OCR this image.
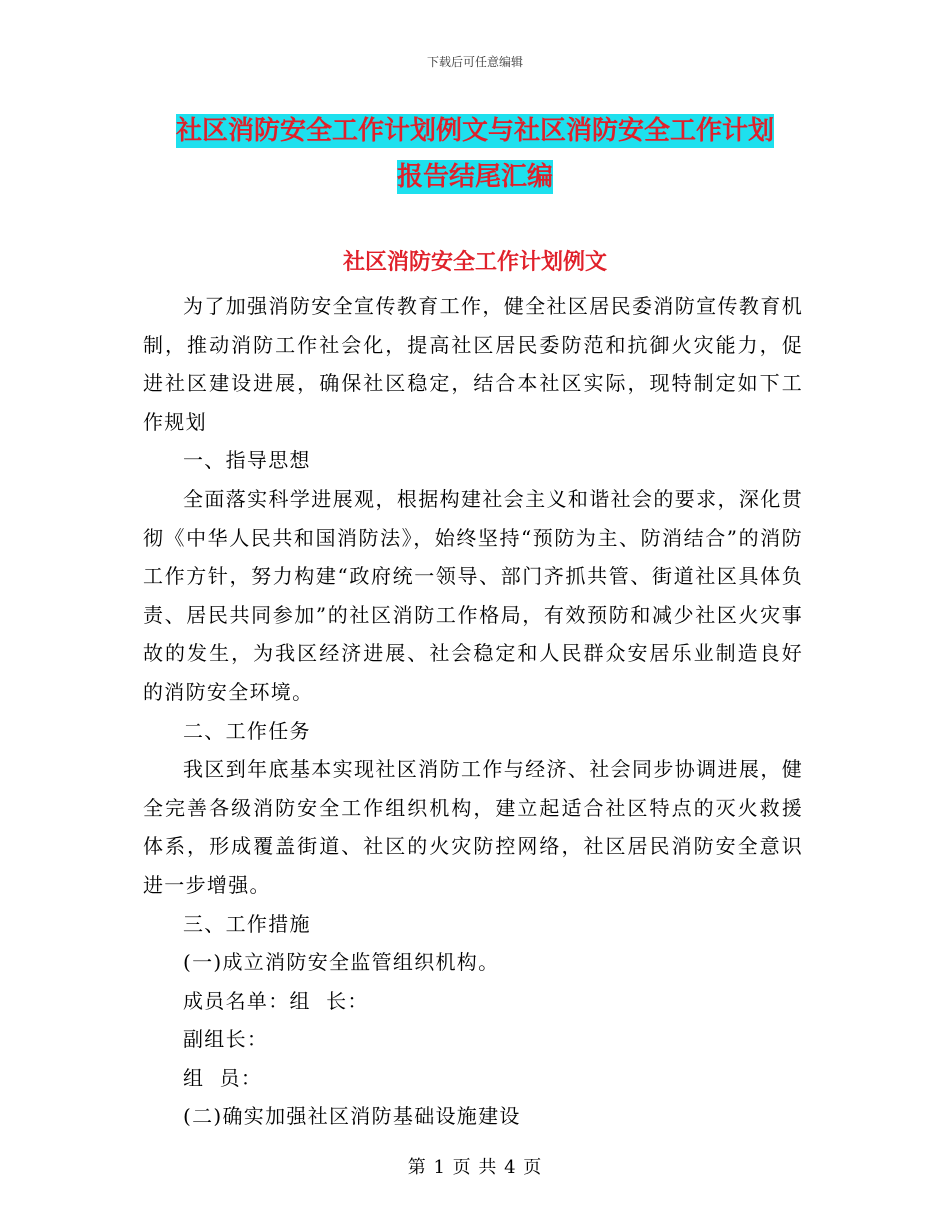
下载后可任意编辑
社区消防安全工作计划例文与社区消防安全工作计划
报告结尾汇编
社区消防安全工作计划例文

为了加强消防安全宣传教育工作，健全社区居民委消防宣传教育机制，推动消防工作社会化，提高社区居民委防范和抗御火灾能力，促进社区建设进展，确保社区稳定，结合本社区实际，现特制定如下工作规划

一、指导思想

全面落实科学进展观，根据构建社会主义和谐社会的要求，深化贯彻《中华人民共和国消防法》，始终坚持“预防为主、防消结合”的消防工作方针，努力构建“政府统一领导、部门齐抓共管、街道社区具体负责、居民共同参加”的社区消防工作格局，有效预防和减少社区火灾事故的发生，为我区经济进展、社会稳定和人民群众安居乐业制造良好的消防安全环境。

二、工作任务

我区到年底基本实现社区消防工作与经济、社会同步协调进展，健全完善各级消防安全工作组织机构，建立起适合社区特点的灭火救援体系，形成覆盖街道、社区的火灾防控网络，社区居民消防安全意识进一步增强。

三、工作措施

(一)成立消防安全监管组织机构。

成员名单：组  长：

副组长：

组  员：

(二)确实加强社区消防基础设施建设

第 1 页 共 4 页
